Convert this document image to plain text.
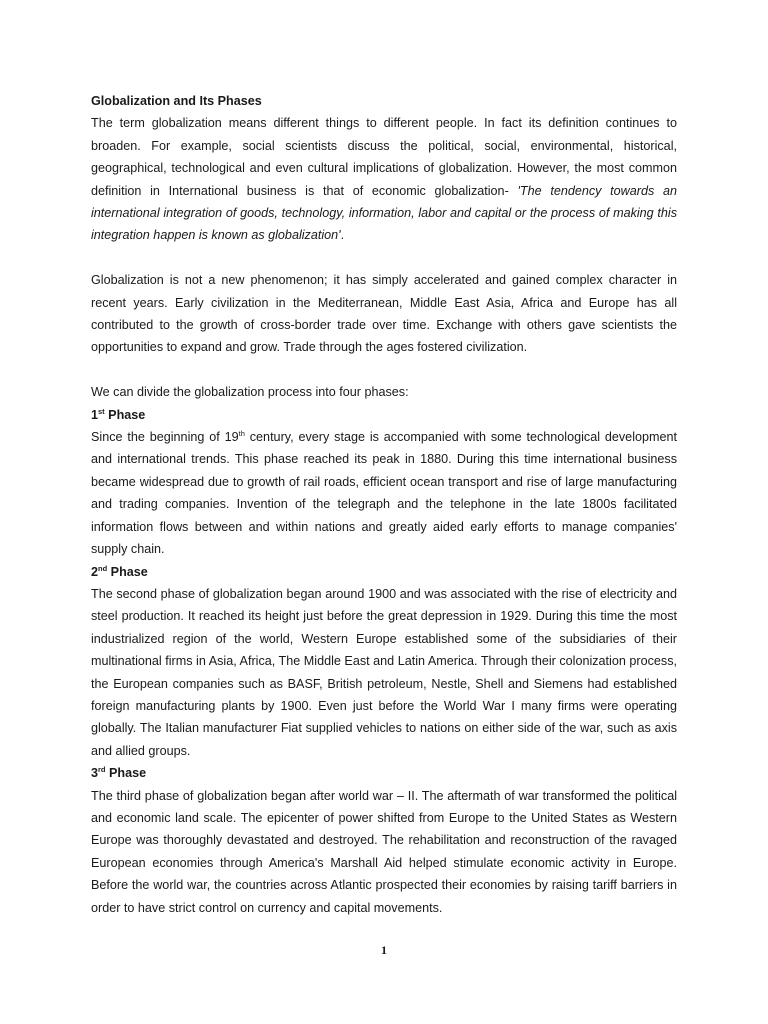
Globalization and Its Phases

The term globalization means different things to different people. In fact its definition continues to broaden. For example, social scientists discuss the political, social, environmental, historical, geographical, technological and even cultural implications of globalization. However, the most common definition in International business is that of economic globalization- 'The tendency towards an international integration of goods, technology, information, labor and capital or the process of making this integration happen is known as globalization'.

Globalization is not a new phenomenon; it has simply accelerated and gained complex character in recent years. Early civilization in the Mediterranean, Middle East Asia, Africa and Europe has all contributed to the growth of cross-border trade over time. Exchange with others gave scientists the opportunities to expand and grow. Trade through the ages fostered civilization.

We can divide the globalization process into four phases:

1st Phase

Since the beginning of 19th century, every stage is accompanied with some technological development and international trends. This phase reached its peak in 1880. During this time international business became widespread due to growth of rail roads, efficient ocean transport and rise of large manufacturing and trading companies. Invention of the telegraph and the telephone in the late 1800s facilitated information flows between and within nations and greatly aided early efforts to manage companies' supply chain.

2nd Phase

The second phase of globalization began around 1900 and was associated with the rise of electricity and steel production. It reached its height just before the great depression in 1929. During this time the most industrialized region of the world, Western Europe established some of the subsidiaries of their multinational firms in Asia, Africa, The Middle East and Latin America. Through their colonization process, the European companies such as BASF, British petroleum, Nestle, Shell and Siemens had established foreign manufacturing plants by 1900. Even just before the World War I many firms were operating globally. The Italian manufacturer Fiat supplied vehicles to nations on either side of the war, such as axis and allied groups.

3rd Phase

The third phase of globalization began after world war – II. The aftermath of war transformed the political and economic land scale. The epicenter of power shifted from Europe to the United States as Western Europe was thoroughly devastated and destroyed. The rehabilitation and reconstruction of the ravaged European economies through America's Marshall Aid helped stimulate economic activity in Europe. Before the world war, the countries across Atlantic prospected their economies by raising tariff barriers in order to have strict control on currency and capital movements.

1
